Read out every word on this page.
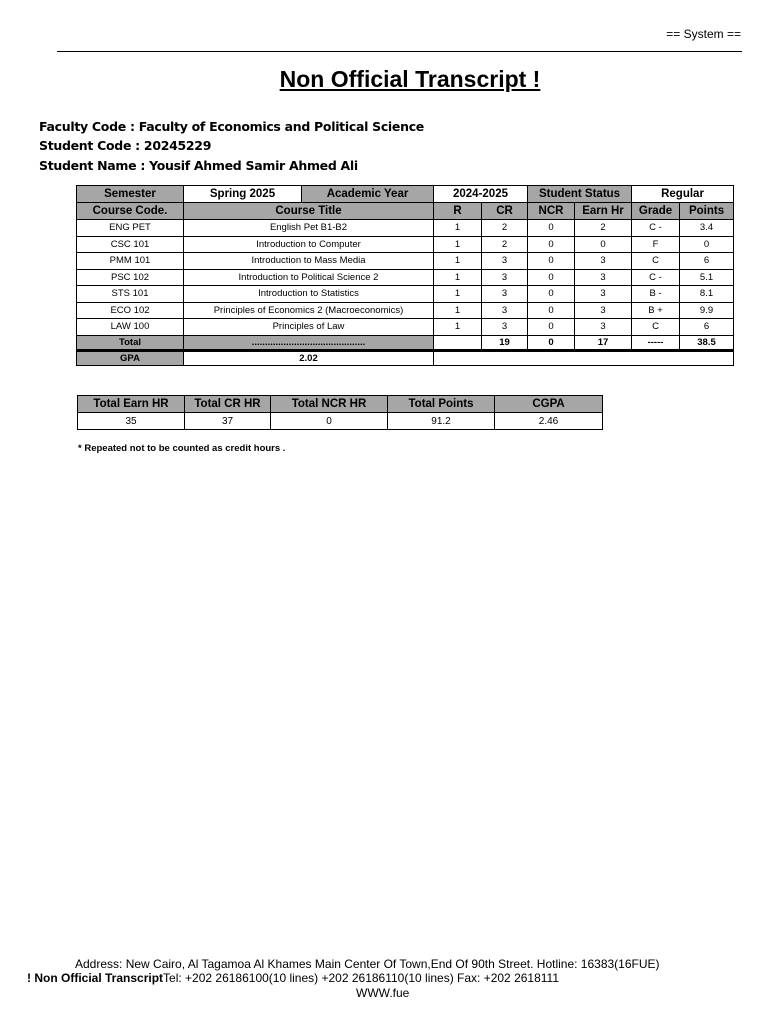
== System ==
Non Official Transcript !
Faculty Code : Faculty of Economics and Political Science
Student Code : 20245229
Student Name : Yousif Ahmed Samir Ahmed Ali
Semester	Spring 2025	Academic Year	2024-2025		Student Status		Regular	
Course Code.	Course Title		R	CR	NCR	Earn Hr	Grade	Points
ENG PET	English Pet B1-B2		1	2	0	2	C -	3.4
CSC 101	Introduction to Computer		1	2	0	0	F	0
PMM 101	Introduction to Mass Media		1	3	0	3	C	6
PSC 102	Introduction to Political Science 2		1	3	0	3	C -	5.1
STS 101	Introduction to Statistics		1	3	0	3	B -	8.1
ECO 102	Principles of Economics 2 (Macroeconomics)		1	3	0	3	B +	9.9
LAW 100	Principles of Law		1	3	0	3	C	6
Total	...........................................			19	0	17	-----	38.5
GPA	2.02							
Total Earn HR	Total CR HR	Total NCR HR	Total Points	CGPA
35	37	0	91.2	2.46
* Repeated not to be counted as credit hours .
Address: New Cairo, Al Tagamoa Al Khames Main Center Of Town,End Of 90th Street. Hotline: 16383(16FUE)
! Non Official TranscriptTel: +202 26186100(10 lines) +202 26186110(10 lines) Fax: +202 2618111
WWW.fue
